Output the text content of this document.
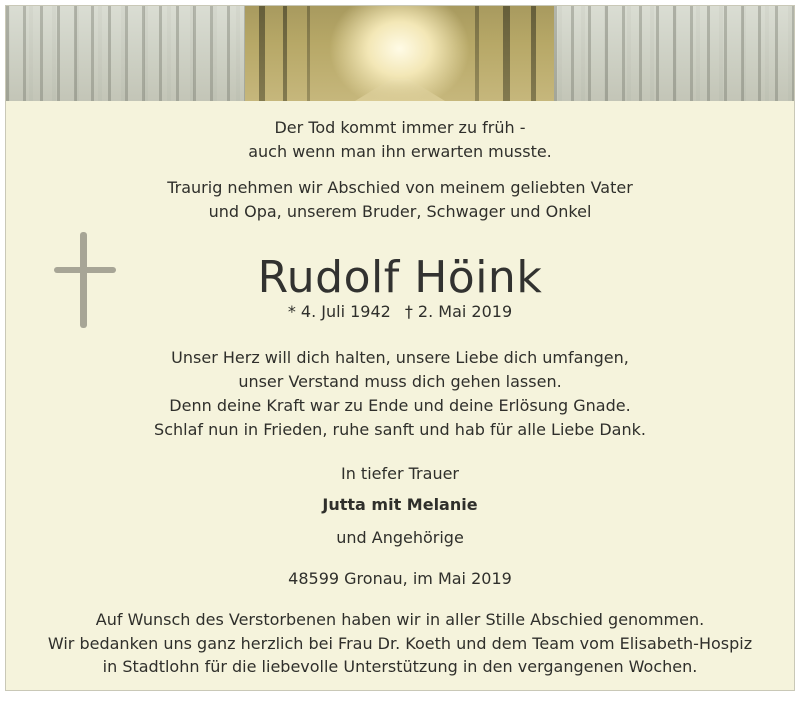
Der Tod kommt immer zu früh -
auch wenn man ihn erwarten musste.
Traurig nehmen wir Abschied von meinem geliebten Vater
und Opa, unserem Bruder, Schwager und Onkel
Rudolf Höink
* 4. Juli 1942 † 2. Mai 2019
Unser Herz will dich halten, unsere Liebe dich umfangen,
unser Verstand muss dich gehen lassen.
Denn deine Kraft war zu Ende und deine Erlösung Gnade.
Schlaf nun in Frieden, ruhe sanft und hab für alle Liebe Dank.
In tiefer Trauer
Jutta mit Melanie
und Angehörige
48599 Gronau, im Mai 2019
Auf Wunsch des Verstorbenen haben wir in aller Stille Abschied genommen.
Wir bedanken uns ganz herzlich bei Frau Dr. Koeth und dem Team vom Elisabeth-Hospiz
in Stadtlohn für die liebevolle Unterstützung in den vergangenen Wochen.
